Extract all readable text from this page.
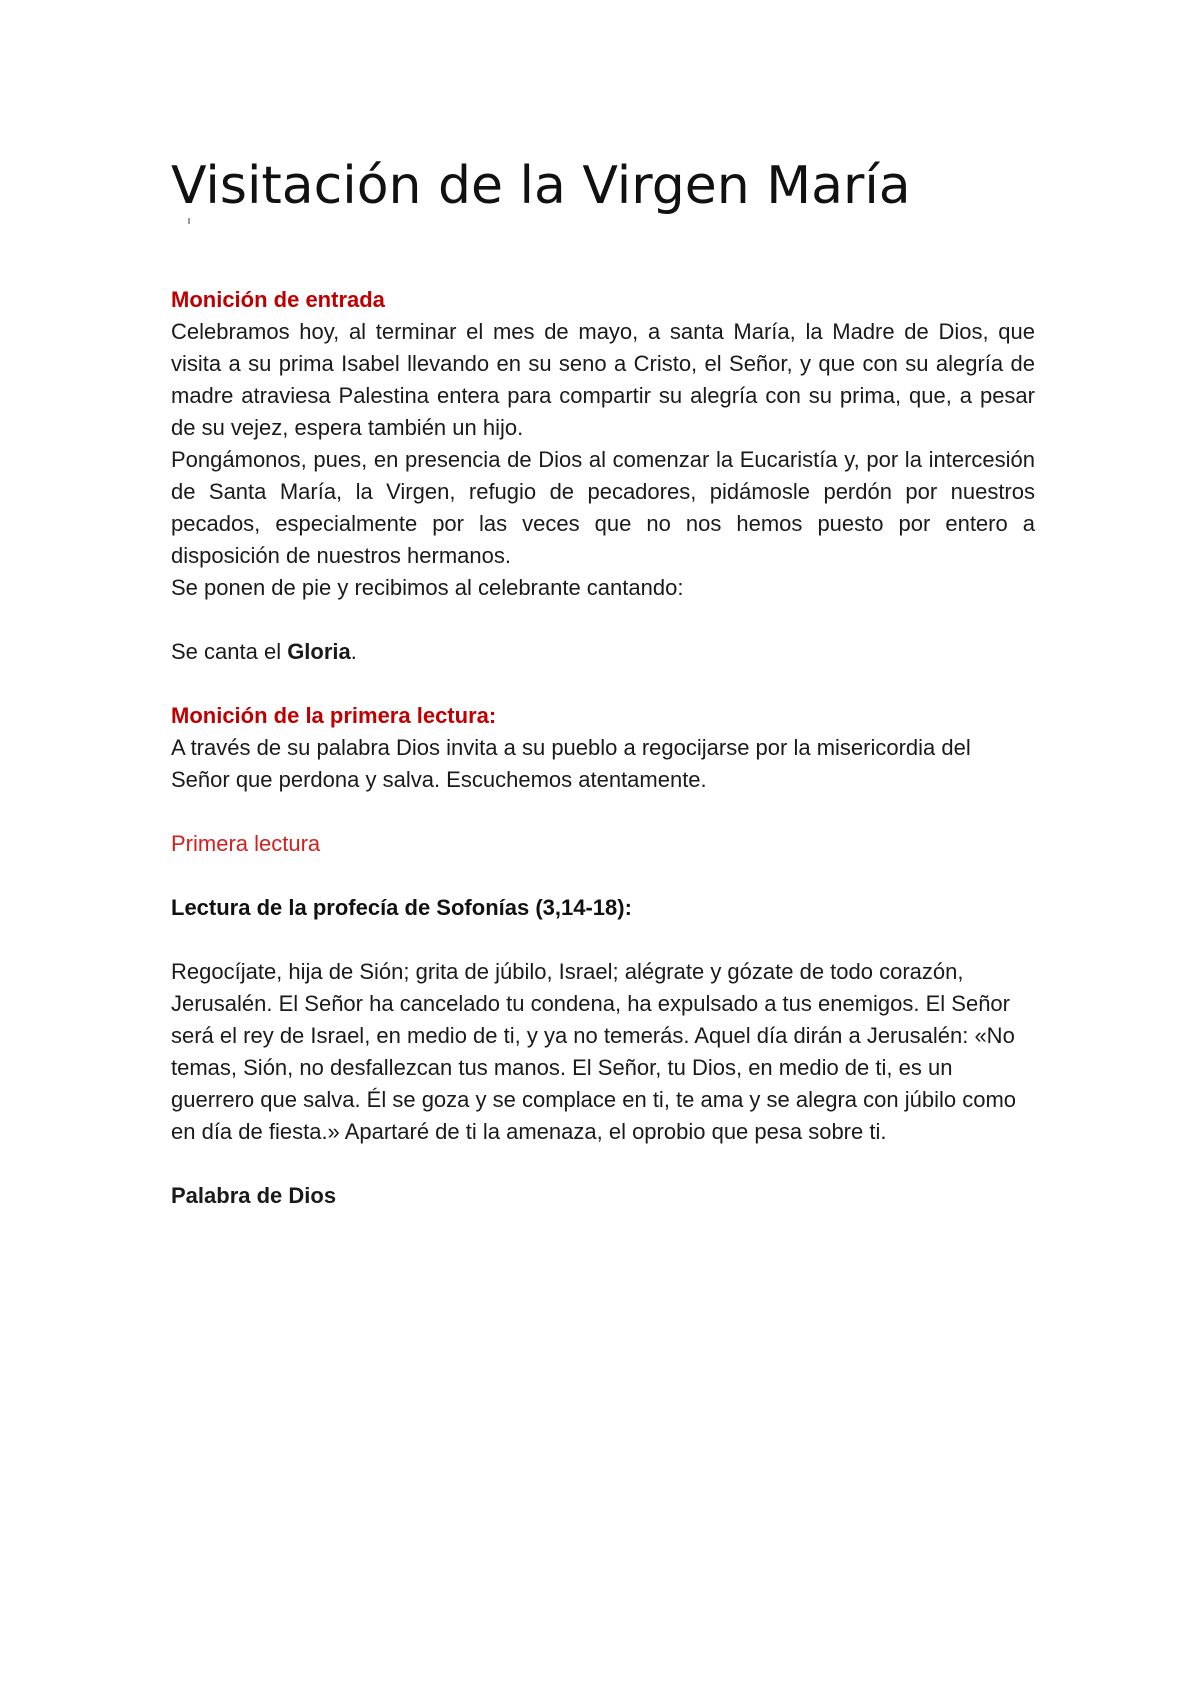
Visitación de la Virgen María

Monición de entrada

Celebramos hoy, al terminar el mes de mayo, a santa María, la Madre de Dios, que visita a su prima Isabel llevando en su seno a Cristo, el Señor, y que con su alegría de madre atraviesa Palestina entera para compartir su alegría con su prima, que, a pesar de su vejez, espera también un hijo.

Pongámonos, pues, en presencia de Dios al comenzar la Eucaristía y, por la intercesión de Santa María, la Virgen, refugio de pecadores, pidámosle perdón por nuestros pecados, especialmente por las veces que no nos hemos puesto por entero a disposición de nuestros hermanos.

Se ponen de pie y recibimos al celebrante cantando:

Se canta el Gloria.

Monición de la primera lectura:

A través de su palabra Dios invita a su pueblo a regocijarse por la misericordia del Señor que perdona y salva. Escuchemos atentamente.

Primera lectura

Lectura de la profecía de Sofonías (3,14-18):

Regocíjate, hija de Sión; grita de júbilo, Israel; alégrate y gózate de todo corazón, Jerusalén. El Señor ha cancelado tu condena, ha expulsado a tus enemigos. El Señor será el rey de Israel, en medio de ti, y ya no temerás. Aquel día dirán a Jerusalén: «No temas, Sión, no desfallezcan tus manos. El Señor, tu Dios, en medio de ti, es un guerrero que salva. Él se goza y se complace en ti, te ama y se alegra con júbilo como en día de fiesta.» Apartaré de ti la amenaza, el oprobio que pesa sobre ti.

Palabra de Dios
